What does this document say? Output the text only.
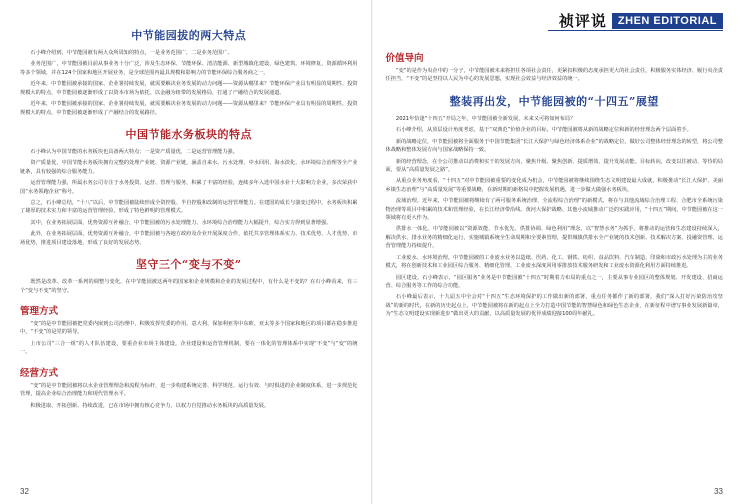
中节能园拔的两大特点

石小峰介绍到，中节能园被有两大众所周知的特点，一是业务范围广，二是业务范围广。

业务范围广，中节能园被目前从事业务十分广泛，涉及生态环保、节能环保、清洁能源、新型城镇化建设、绿色建筑、环境修复、资源循环利用等多个领域，并在124个国家和地区开展业务，是全球范围内最具规模和影响力的节能环保综合服务商之一。

近年来，中节能园被承接的国家、企业署持续发展，就需要解决业务发展的动力问题——资源从哪里来？节能环保产业具有明显的周期性、投资规模大的特点，中节能园被逐渐形成了以资本市场为依托、以金融为纽带的发展格局，打通了产融结合的发展通道。

近年来，中节能园被承接的国家、企业署持续发展，就需要解决业务发展的动力问题——资源从哪里来？节能环保产业具有明显的周期性、投资规模大的特点，中节能园被逐渐形成了产融结合的发展路径。

中国节能水务板块的特点

石小峰认为中国节能的水务板块也具备两大特点：一是资产质量优，二是运营管理能力强。

资产质量优，中国节能水务板块拥有完整的处理产业链、资源产业链，涵盖自来水、污水处理、中水回用、海水淡化、水环境综合治理等全产业链条，具有较强的综合服务能力。

运营管理能力强，所属水务公司专注于水务投资、运营、管理与服务，积累了丰富的经验，连续多年入选中国水业十大影响力企业，多次荣获中国“水务领跑企业”称号。

总之，石小峰总结，“十八”以后，中节能园被陆续形成全资控股、半自控股和改制的运营管理能力。在建国的成长与演变过程中，水务板块积累了雄厚的技术实力和丰富的运营管理经验，形成了特色鲜明的管理模式。

其中，在业务拓展层面，优势资源互补融合，中节能园被的污水处理能力、水环境综合治理能力大幅提升，综合实力得到显著增强。

此外，在业务拓展层面，优势资源互补融合，中节能园被与各地方政府及企业开展深度合作，依托共享管理体系实力、技术优势、人才优势、市场优势，推进项目建设落地，形成了良好的发展态势。

坚守三个“变与不变”

既然是改革、改革一系列的调整与变化，在中节能园被这两年的国家和企业规模和企业的发展过程中，有什么是不变的？在石小峰看来，有三个“变与不变”的坚守。

管理方式

“变”的是中节能园被把党委内嵌到公司治理中，积极发挥党委的作用。意大利、保加利亚等中东欧、亚太等多个国家和地区的项目都在稳步推进中，“不变”的是党的领导。

上市公司“三合一组”的人才队伍建设，要重企业市场主体建设，企业建设和运营管理机制，要在一体化的管理体系中实现“不变”与“变”的统一。

经营方式

“变”的是中节能园被将以水企业管理理念和流程为标杆，进一步构建系统完善、科学规范、运行有效、与时俱进的企业制度体系，进一步规范化管理，提高企业综合治理能力和现代管理水平。

积极进取、开拓创新、持续改进，已在市场中拥有核心竞争力，以权力自觉推动水务板块的高质量发展。

32
祯评说	ZHEN EDITORIAL
价值导向

“变”的是作为央企中的一分子，中节能园被未来将担任各项社会责任，更紧扣积极的态度承担更大的社会责任，积极服务实体经济、履行央企责任担当，“不变”的是坚持以人民为中心的发展思想，实现社会效益与经济效益的统一。

整装再出发，中节能园被的“十四五”展望

2021年恰逢“十四五”开局之年，中节能园被全新发展，未来又可将如何布局？

石小峰介绍，从顶层设计角度考虑，基于“双典范”价值企业的目标，中节能园被将从新的战略定位和新的经营理念两个层面着手。

新的战略定位，中节能园被将全面服务于中国节能集团“长江大保护与绿色经济体系企业”的战略定位，做好公司整体经营理念的转型，将公司整体战略和整体发展方向与国家战略保持一致。

新的经营理念，在全公司推动以消费和实干的发展方向，聚焦升级、聚焦创新、提质增效、提升发展动能。目标转向，改变以往被动、等待的局面，要从“高质量发展之路”。

从重点业务角度看，“十四五”对中节能园被重要的变化成为机会，中节能园被将继续围绕生态文明建设最大成就，积极推动“长江大保护、美丽乡镇生态治理”与“高质量发展”等重要战略，在新时期的新格局中把握发展机遇，进一步做大做强水务板块。

流域治理。近年来，中节能园被将继续有了两可服务系统治理、全流程综合治理”的新模式，将在与其他流域综合治理工程、合肥市全系统污染物治理等项目中积累的技术和管理经验，在长江经济带沿线、黄河大保护战略、其他小流域推动广泛的实践应用，“十四五”期间，中节能园被在这一领域将有更大作为。

供排水一体化。中节能园被以“资源效能、节水优先、供排协调、绿色利用”理念，以“智慧水务”为抓手，将推动的运营和生态建设持续深入，解决供水、排水业务的精细化运行，实施城镇系统全生命周期和全要素管理，提供城镇供排水全产业链的技术创新、技术解决方案、投融资管理、运营管理能力持续提升。

工业废水、水环境治理。中节能园被的工业废水业务以造纸、医药、化工、钢铁、纺织、食品饮料、汽车制造、印染和市政污水处理为主的业务模式，将在创新技术和工业园区综合服务、精细化管理、工业废水深度回用零排放技术服务研发和工业废水资源化利用方面持续推进。

园区建设。石小峰表示，“园区服务”业务是中节能园被“十四五”时期着力布局的重点之一，主要从事专业园区的整体规划、开发建设、招商运营、综合服务等工作的综合功能。

石小峰最后表示，十九届五中全会对“十四五”生态环境保护的工作做出新的部署、重点任务都作了新的部署，我们“深入打好污染防治攻坚战”的新的时代，在新的历史起点上，中节能园被将在新的起点上全力打造中国节能的智慧绿色和绿色生态企业，在新征程中谱写事业发展新篇章，为“生态文明建设实现新进步”做出更大的贡献，以高质量发展的优异成绩迎接100周年献礼。

33
